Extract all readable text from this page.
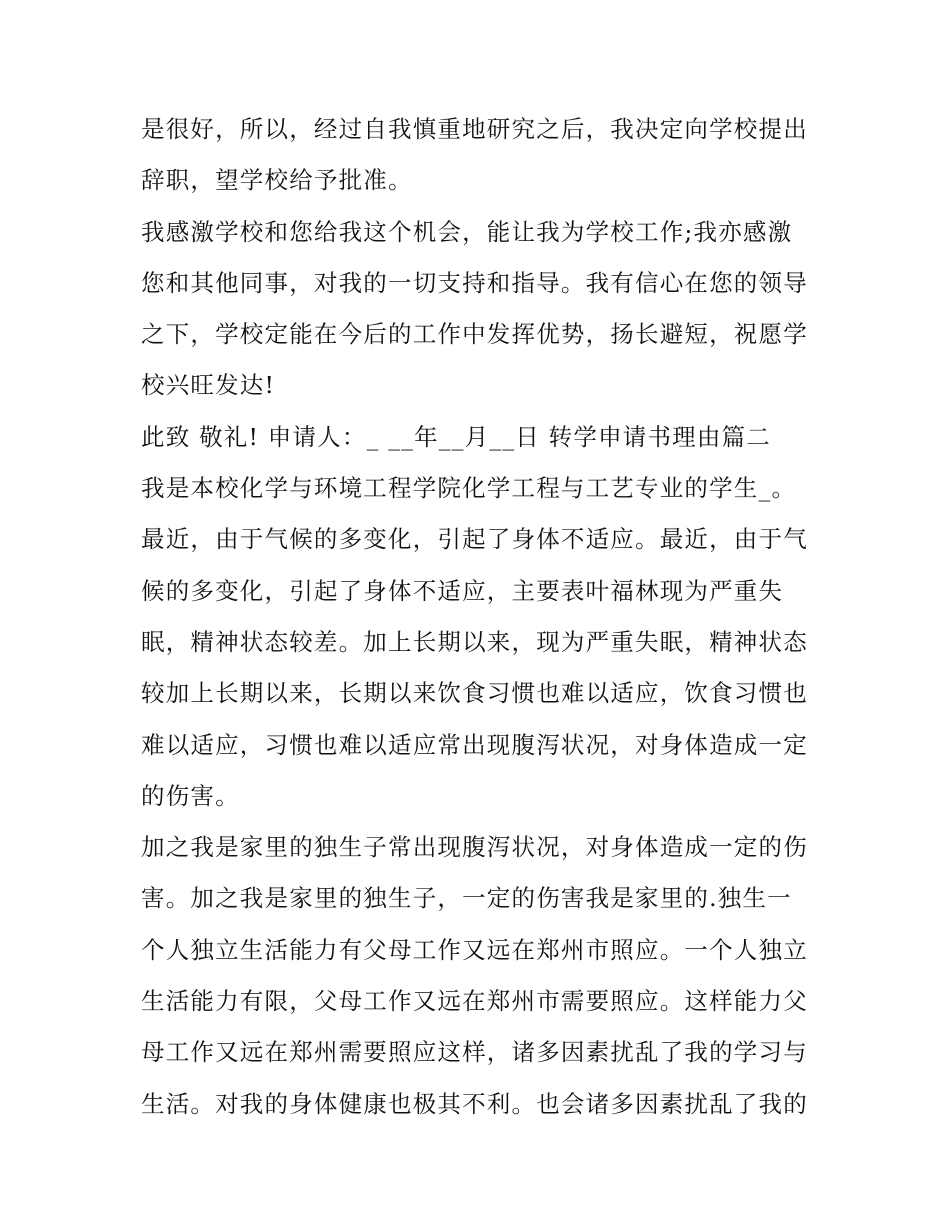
是很好，所以，经过自我慎重地研究之后，我决定向学校提出
辞职，望学校给予批准。
我感激学校和您给我这个机会，能让我为学校工作;我亦感激
您和其他同事，对我的一切支持和指导。我有信心在您的领导
之下，学校定能在今后的工作中发挥优势，扬长避短，祝愿学
校兴旺发达!
此致 敬礼! 申请人：_ __年__月__日 转学申请书理由篇二
我是本校化学与环境工程学院化学工程与工艺专业的学生_。
最近，由于气候的多变化，引起了身体不适应。最近，由于气
候的多变化，引起了身体不适应，主要表叶福林现为严重失
眠，精神状态较差。加上长期以来，现为严重失眠，精神状态
较加上长期以来，长期以来饮食习惯也难以适应，饮食习惯也
难以适应，习惯也难以适应常出现腹泻状况，对身体造成一定
的伤害。
加之我是家里的独生子常出现腹泻状况，对身体造成一定的伤
害。加之我是家里的独生子，一定的伤害我是家里的.独生一
个人独立生活能力有父母工作又远在郑州市照应。一个人独立
生活能力有限，父母工作又远在郑州市需要照应。这样能力父
母工作又远在郑州需要照应这样，诸多因素扰乱了我的学习与
生活。对我的身体健康也极其不利。也会诸多因素扰乱了我的
